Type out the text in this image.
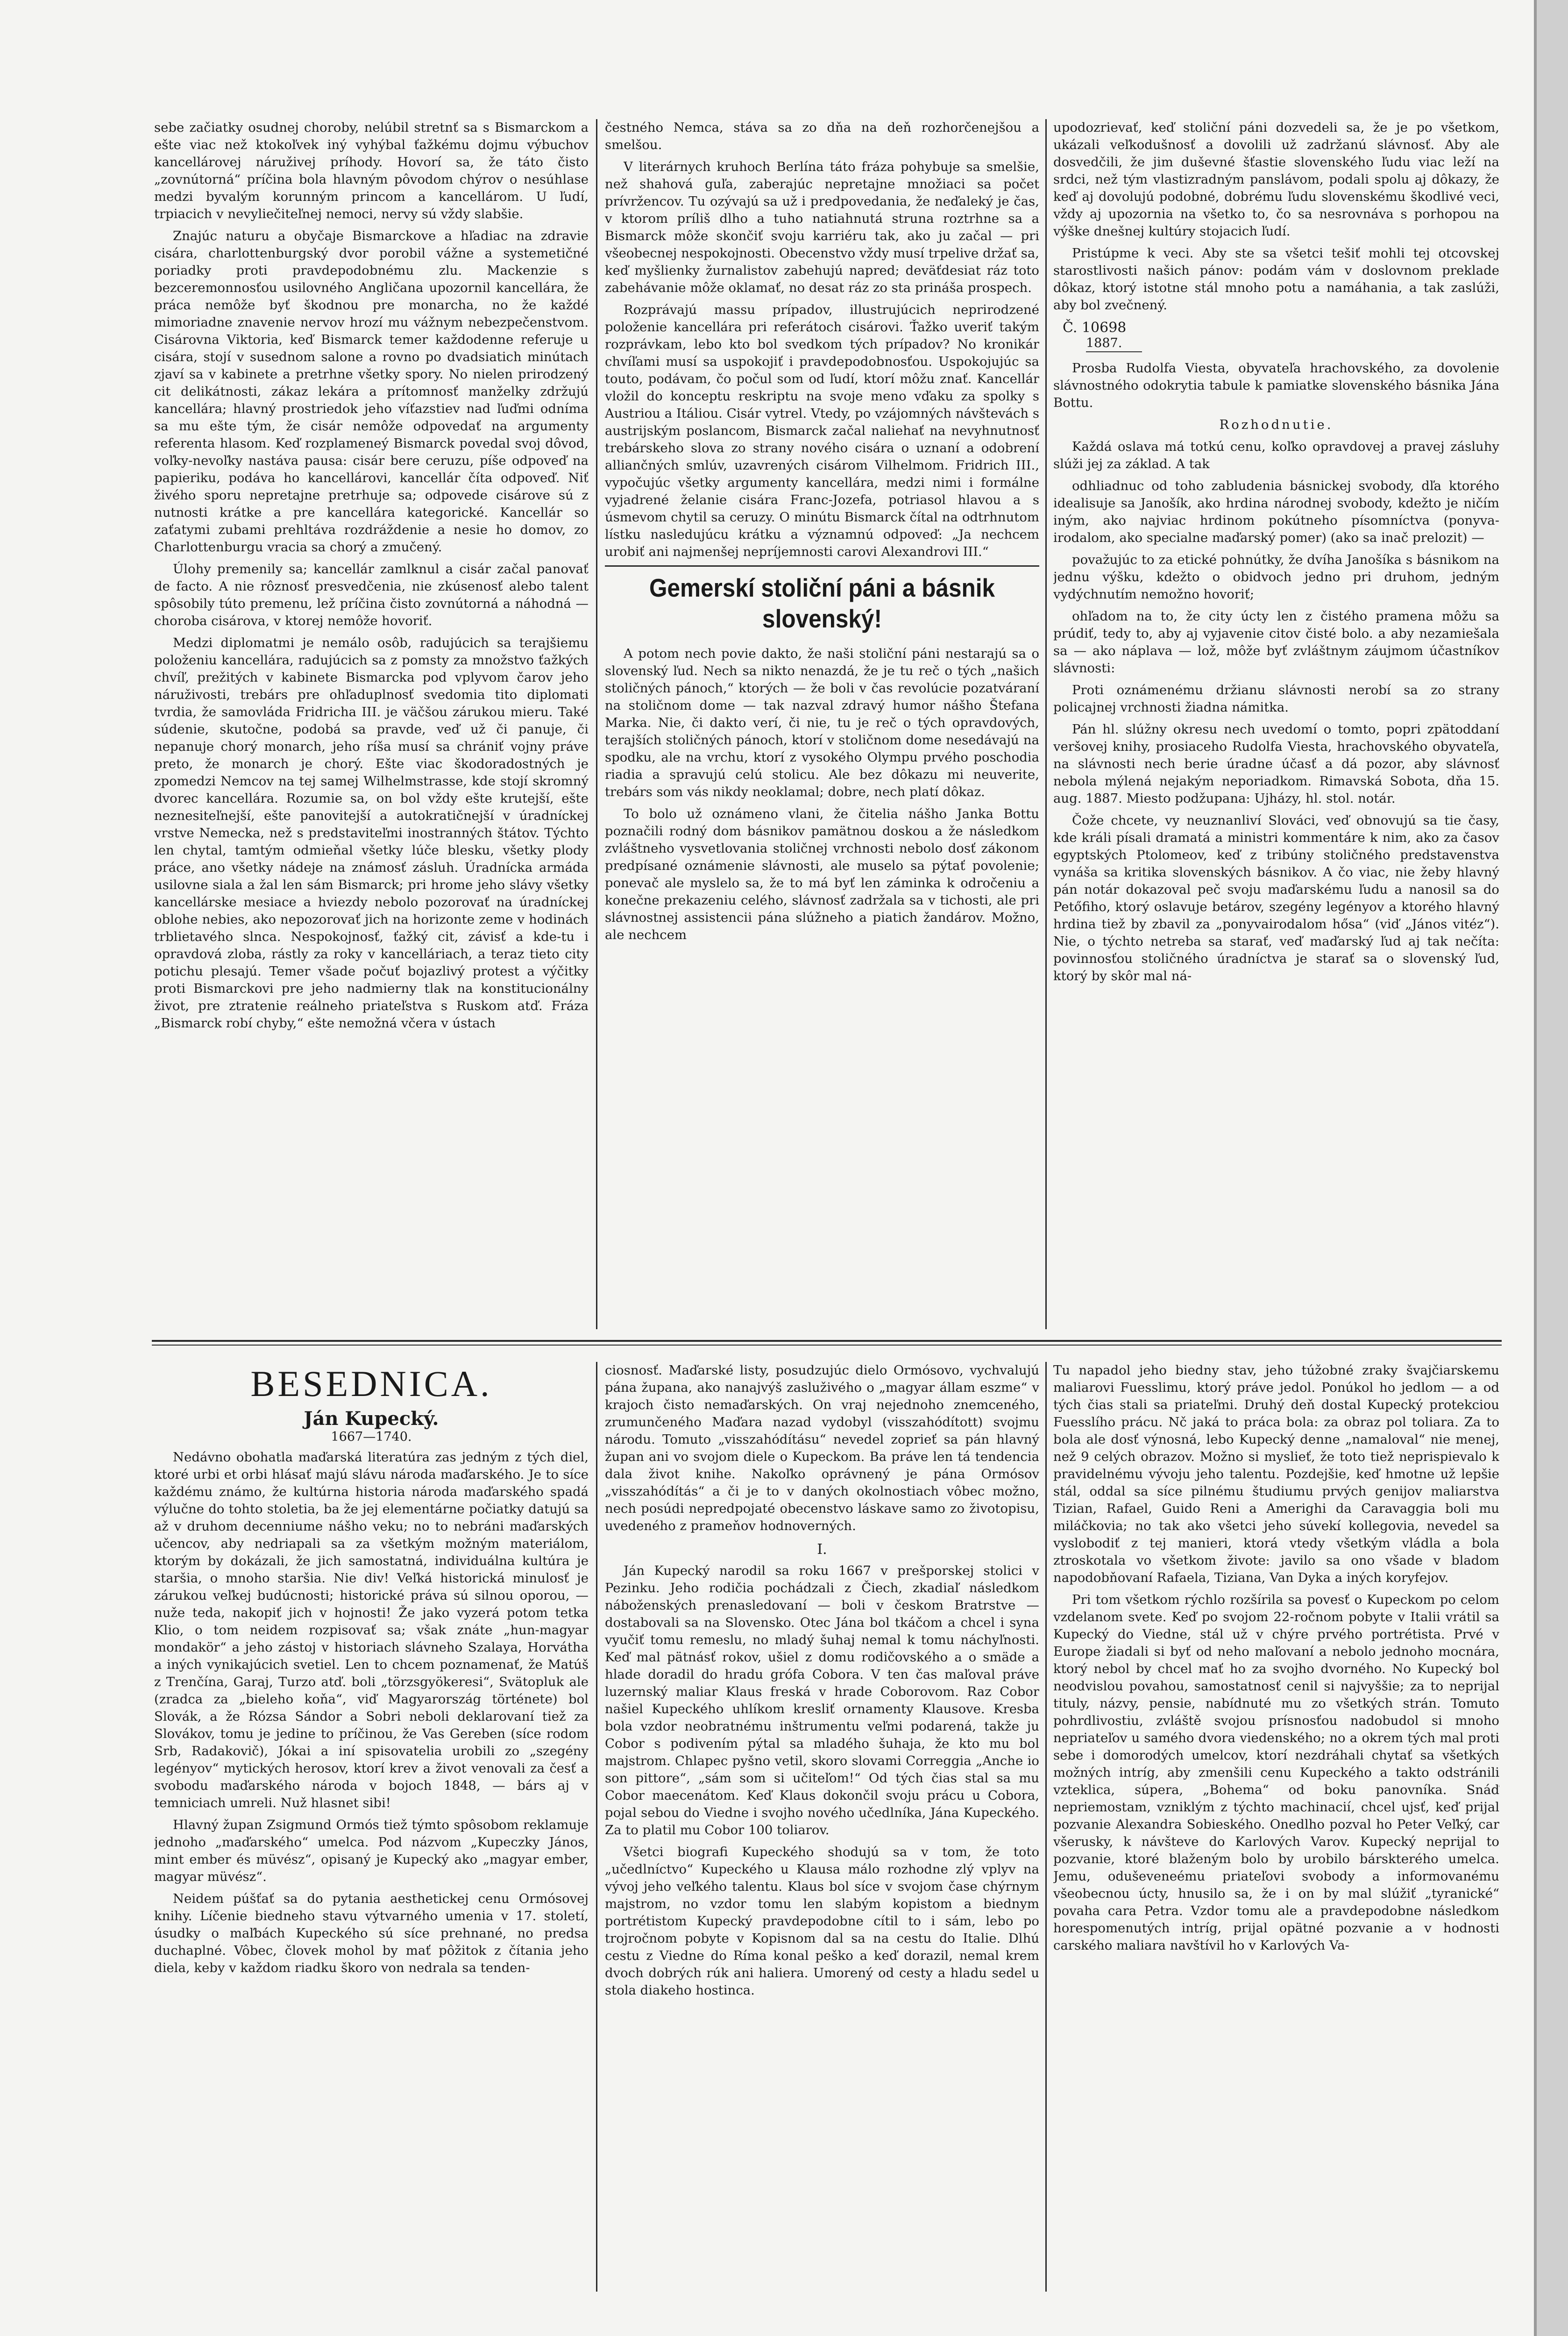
sebe začiatky osudnej choroby, nelúbil stretnť sa s Bismarckom a ešte viac než ktokoľvek iný vyhýbal ťažkému dojmu výbuchov kancellárovej náruživej príhody. Hovorí sa, že táto čisto „zovnútorná“ príčina bola hlavným pôvodom chýrov o nesúhlase medzi byvalým korunným princom a kancellárom. U ľudí, trpiacich v nevyliečiteľnej nemoci, nervy sú vždy slabšie.

Znajúc naturu a obyčaje Bismarckove a hľadiac na zdravie cisára, charlottenburgský dvor porobil vážne a systemetičné poriadky proti pravdepodobnému zlu. Mackenzie s bezceremonnosťou usilovného Angličana upozornil kancellára, že práca nemôže byť škodnou pre monarcha, no že každé mimoriadne znavenie nervov hrozí mu vážnym nebezpečenstvom. Cisárovna Viktoria, keď Bismarck temer každodenne referuje u cisára, stojí v susednom salone a rovno po dvadsiatich minútach zjaví sa v kabinete a pretrhne všetky spory. No nielen prirodzený cit delikátnosti, zákaz lekára a prítomnosť manželky zdržujú kancellára; hlavný prostriedok jeho víťazstiev nad ľuďmi odníma sa mu ešte tým, že cisár nemôže odpovedať na argumenty referenta hlasom. Keď rozplameneý Bismarck povedal svoj dôvod, voľky-nevoľky nastáva pausa: cisár bere ceruzu, píše odpoveď na papieriku, podáva ho kancellárovi, kancellár číta odpoveď. Niť živého sporu nepretajne pretrhuje sa; odpovede cisárove sú z nutnosti krátke a pre kancellára kategorické. Kancellár so zaťatymi zubami prehltáva rozdráždenie a nesie ho domov, zo Charlottenburgu vracia sa chorý a zmučený.

Úlohy premenily sa; kancellár zamlknul a cisár začal panovať de facto. A nie rôznosť presvedčenia, nie zkúsenosť alebo talent spôsobily túto premenu, lež príčina čisto zovnútorná a náhodná — choroba cisárova, v ktorej nemôže hovoriť.

Medzi diplomatmi je nemálo osôb, radujúcich sa terajšiemu položeniu kancellára, radujúcich sa z pomsty za množstvo ťažkých chvíľ, prežitých v kabinete Bismarcka pod vplyvom čarov jeho náruživosti, trebárs pre ohľaduplnosť svedomia tito diplomati tvrdia, že samovláda Fridricha III. je väčšou zárukou mieru. Také súdenie, skutočne, podobá sa pravde, veď už či panuje, či nepanuje chorý monarch, jeho ríša musí sa chrániť vojny práve preto, že monarch je chorý. Ešte viac škodoradostných je zpomedzi Nemcov na tej samej Wilhelmstrasse, kde stojí skromný dvorec kancellára. Rozumie sa, on bol vždy ešte krutejší, ešte neznesiteľnejší, ešte panovitejší a autokratičnejší v úradníckej vrstve Nemecka, než s predstaviteľmi inostranných štátov. Týchto len chytal, tamtým odmieňal všetky lúče blesku, všetky plody práce, ano všetky nádeje na známosť zásluh. Úradnícka armáda usilovne siala a žal len sám Bismarck; pri hrome jeho slávy všetky kancellárske mesiace a hviezdy nebolo pozorovať na úradníckej oblohe nebies, ako nepozorovať jich na horizonte zeme v hodinách trblietavého slnca. Nespokojnosť, ťažký cit, závisť a kde-tu i opravdová zloba, rástly za roky v kancelláriach, a teraz tieto city potichu plesajú. Temer všade počuť bojazlivý protest a výčitky proti Bismarckovi pre jeho nadmierny tlak na konstitucionálny život, pre ztratenie reálneho priateľstva s Ruskom atď. Fráza „Bismarck robí chyby,“ ešte nemožná včera v ústach

čestného Nemca, stáva sa zo dňa na deň rozhorčenejšou a smelšou.

V literárnych kruhoch Berlína táto fráza pohybuje sa smelšie, než shahová guľa, zaberajúc nepretajne množiaci sa počet prívržencov. Tu ozývajú sa už i predpovedania, že neďaleký je čas, v ktorom príliš dlho a tuho natiahnutá struna roztrhne sa a Bismarck môže skončiť svoju karriéru tak, ako ju začal — pri všeobecnej nespokojnosti. Obecenstvo vždy musí trpelive držať sa, keď myšlienky žurnalistov zabehujú napred; deväťdesiat ráz toto zabehávanie môže oklamať, no desat ráz zo sta prináša prospech.

Rozprávajú massu prípadov, illustrujúcich neprirodzené položenie kancellára pri referátoch cisárovi. Ťažko uveriť takým rozprávkam, lebo kto bol svedkom tých prípadov? No kronikár chvíľami musí sa uspokojiť i pravdepodobnosťou. Uspokojujúc sa touto, podávam, čo počul som od ľudí, ktorí môžu znať. Kancellár vložil do konceptu reskriptu na svoje meno vďaku za spolky s Austriou a Itáliou. Cisár vytrel. Vtedy, po vzájomných návštevách s austrijským poslancom, Bismarck začal naliehať na nevyhnutnosť trebárskeho slova zo strany nového cisára o uznaní a odobrení alliančných smlúv, uzavrených cisárom Vilhelmom. Fridrich III., vypočujúc všetky argumenty kancellára, medzi nimi i formálne vyjadrené želanie cisára Franc-Jozefa, potriasol hlavou a s úsmevom chytil sa ceruzy. O minútu Bismarck čítal na odtrhnutom lístku nasledujúcu krátku a významnú odpoveď: „Ja nechcem urobiť ani najmenšej nepríjemnosti carovi Alexandrovi III.“

Gemerskí stoliční páni a básnik slovenský!

A potom nech povie dakto, že naši stoliční páni nestarajú sa o slovenský ľud. Nech sa nikto nenazdá, že je tu reč o tých „našich stoličných pánoch,“ ktorých — že boli v čas revolúcie pozatváraní na stoličnom dome — tak nazval zdravý humor nášho Štefana Marka. Nie, či dakto verí, či nie, tu je reč o tých opravdových, terajších stoličných pánoch, ktorí v stoličnom dome nesedávajú na spodku, ale na vrchu, ktorí z vysokého Olympu prvého poschodia riadia a spravujú celú stolicu. Ale bez dôkazu mi neuverite, trebárs som vás nikdy neoklamal; dobre, nech platí dôkaz.

To bolo už oznámeno vlani, že čitelia nášho Janka Bottu poznačili rodný dom básnikov pamätnou doskou a že následkom zvláštneho vysvetlovania stoličnej vrchnosti nebolo dosť zákonom predpísané oznámenie slávnosti, ale muselo sa pýtať povolenie; ponevač ale myslelo sa, že to má byť len záminka k odročeniu a konečne prekazeniu celého, slávnosť zadržala sa v tichosti, ale pri slávnostnej assistencii pána slúžneho a piatich žandárov. Možno, ale nechcem

upodozrievať, keď stoliční páni dozvedeli sa, že je po všetkom, ukázali veľkodušnosť a dovolili už zadržanú slávnosť. Aby ale dosvedčili, že jim duševné šťastie slovenského ľudu viac leží na srdci, než tým vlastizradným panslávom, podali spolu aj dôkazy, že keď aj dovolujú podobné, dobrému ľudu slovenskému škodlivé veci, vždy aj upozornia na všetko to, čo sa nesrovnáva s porhopou na výške dnešnej kultúry stojacich ľudí.

Pristúpme k veci. Aby ste sa všetci tešiť mohli tej otcovskej starostlivosti našich pánov: podám vám v doslovnom preklade dôkaz, ktorý istotne stál mnoho potu a namáhania, a tak zaslúži, aby bol zvečnený.

Č. 10698
1887.

Prosba Rudolfa Viesta, obyvateľa hrachovského, za dovolenie slávnostného odokrytia tabule k pamiatke slovenského básnika Jána Bottu.

Rozhodnutie.

Každá oslava má totkú cenu, koľko opravdovej a pravej zásluhy slúži jej za základ. A tak

odhliadnuc od toho zabludenia básnickej svobody, dľa ktorého idealisuje sa Janošík, ako hrdina národnej svobody, kdežto je ničím iným, ako najviac hrdinom pokútneho písomníctva (ponyva-irodalom, ako specialne maďarský pomer) (ako sa inač prelozit) —

považujúc to za etické pohnútky, že dvíha Janošíka s básnikom na jednu výšku, kdežto o obidvoch jedno pri druhom, jedným vydýchnutím nemožno hovoriť;

ohľadom na to, že city úcty len z čistého pramena môžu sa prúdiť, tedy to, aby aj vyjavenie citov čisté bolo. a aby nezamiešala sa — ako náplava — lož, môže byť zvláštnym záujmom účastníkov slávnosti:

Proti oznámenému držianu slávnosti nerobí sa zo strany policajnej vrchnosti žiadna námitka.

Pán hl. slúžny okresu nech uvedomí o tomto, popri zpätoddaní veršovej knihy, prosiaceho Rudolfa Viesta, hrachovského obyvateľa, na slávnosti nech berie úradne účasť a dá pozor, aby slávnosť nebola mýlená nejakým neporiadkom. Rimavská Sobota, dňa 15. aug. 1887. Miesto podžupana: Ujházy, hl. stol. notár.

Čože chcete, vy neuznanliví Slováci, veď obnovujú sa tie časy, kde králi písali dramatá a ministri kommentáre k nim, ako za časov egyptských Ptolomeov, keď z tribúny stoličného predstavenstva vynáša sa kritika slovenských básnikov. A čo viac, nie žeby hlavný pán notár dokazoval peč svoju maďarskému ľudu a nanosil sa do Petőfiho, ktorý oslavuje betárov, szegény legényov a ktorého hlavný hrdina tiež by zbavil za „ponyvairodalom hősa“ (viď „János vitéz“). Nie, o týchto netreba sa starať, veď maďarský ľud aj tak nečíta: povinnosťou stoličného úradníctva je starať sa o slovenský ľud, ktorý by skôr mal ná-

BESEDNICA.
Ján Kupecký.
1667—1740.

Nedávno obohatla maďarská literatúra zas jedným z tých diel, ktoré urbi et orbi hlásať majú slávu národa maďarského. Je to síce každému známo, že kultúrna historia národa maďarského spadá výlučne do tohto stoletia, ba že jej elementárne počiatky datujú sa až v druhom decenniume nášho veku; no to nebráni maďarských učencov, aby nedriapali sa za všetkým možným materiálom, ktorým by dokázali, že jich samostatná, individuálna kultúra je staršia, o mnoho staršia. Nie div! Veľká historická minulosť je zárukou veľkej budúcnosti; historické práva sú silnou oporou, — nuže teda, nakopiť jich v hojnosti! Že jako vyzerá potom tetka Klio, o tom neidem rozpisovať sa; však znáte „hun-magyar mondakör“ a jeho zástoj v historiach slávneho Szalaya, Horvátha a iných vynikajúcich svetiel. Len to chcem poznamenať, že Matúš z Trenčína, Garaj, Turzo atď. boli „törzsgyökeresi“, Svätopluk ale (zradca za „bieleho koňa“, viď Magyarország története) bol Slovák, a že Rózsa Sándor a Sobri neboli deklarovaní tiež za Slovákov, tomu je jedine to príčinou, že Vas Gereben (síce rodom Srb, Radakovič), Jókai a iní spisovatelia urobili zo „szegény legényov“ mytických herosov, ktorí krev a život venovali za česť a svobodu maďarského národa v bojoch 1848, — bárs aj v temniciach umreli. Nuž hlasnet sibi!

Hlavný župan Zsigmund Ormós tiež týmto spôsobom reklamuje jednoho „maďarského“ umelca. Pod názvom „Kupeczky János, mint ember és müvész“, opisaný je Kupecký ako „magyar ember, magyar müvész“.

Neidem púšťať sa do pytania aesthetickej cenu Ormósovej knihy. Líčenie biedneho stavu výtvarného umenia v 17. století, úsudky o maľbách Kupeckého sú síce prehnané, no predsa duchaplné. Vôbec, človek mohol by mať pôžitok z čítania jeho diela, keby v každom riadku škoro von nedrala sa tenden-

ciosnosť. Maďarské listy, posudzujúc dielo Ormósovo, vychvalujú pána župana, ako nanajvýš zasluživého o „magyar állam eszme“ v krajoch čisto nemaďarských. On vraj nejednoho znemceného, zrumunčeného Maďara nazad vydobyl (visszahódított) svojmu národu. Tomuto „visszahódításu“ nevedel zoprieť sa pán hlavný župan ani vo svojom diele o Kupeckom. Ba práve len tá tendencia dala život knihe. Nakoľko oprávnený je pána Ormósov „visszahódítás“ a či je to v daných okolnostiach vôbec možno, nech posúdi nepredpojaté obecenstvo láskave samo zo životopisu, uvedeného z prameňov hodnoverných.

I.

Ján Kupecký narodil sa roku 1667 v prešporskej stolici v Pezinku. Jeho rodičia pochádzali z Čiech, zkadiaľ následkom náboženských prenasledovaní — boli v českom Bratrstve — dostabovali sa na Slovensko. Otec Jána bol tkáčom a chcel i syna vyučiť tomu remeslu, no mladý šuhaj nemal k tomu náchyľnosti. Keď mal pätnásť rokov, ušiel z domu rodičovského a o smäde a hlade doradil do hradu grófa Cobora. V ten čas maľoval práve luzernský maliar Klaus freská v hrade Coborovom. Raz Cobor našiel Kupeckého uhlíkom kresliť ornamenty Klausove. Kresba bola vzdor neobratnému inštrumentu veľmi podarená, takže ju Cobor s podivením pýtal sa mladého šuhaja, že kto mu bol majstrom. Chlapec pyšno vetil, skoro slovami Correggia „Anche io son pittore“, „sám som si učiteľom!“ Od tých čias stal sa mu Cobor maecenátom. Keď Klaus dokončil svoju prácu u Cobora, pojal sebou do Viedne i svojho nového učedlníka, Jána Kupeckého. Za to platil mu Cobor 100 toliarov.

Všetci biografi Kupeckého shodujú sa v tom, že toto „učedlníctvo“ Kupeckého u Klausa málo rozhodne zlý vplyv na vývoj jeho veľkého talentu. Klaus bol síce v svojom čase chýrnym majstrom, no vzdor tomu len slabým kopistom a biednym portrétistom Kupecký pravdepodobne cítil to i sám, lebo po trojročnom pobyte v Kopisnom dal sa na cestu do Italie. Dlhú cestu z Viedne do Ríma konal peško a keď dorazil, nemal krem dvoch dobrých rúk ani haliera. Umorený od cesty a hladu sedel u stola diakeho hostinca.

Tu napadol jeho biedny stav, jeho túžobné zraky švajčiarskemu maliarovi Fuesslimu, ktorý práve jedol. Ponúkol ho jedlom — a od tých čias stali sa priateľmi. Druhý deň dostal Kupecký protekciou Fuesslího prácu. Nč jaká to práca bola: za obraz pol toliara. Za to bola ale dosť výnosná, lebo Kupecký denne „namaloval“ nie menej, než 9 celých obrazov. Možno si myslieť, že toto tiež neprispievalo k pravidelnému vývoju jeho talentu. Pozdejšie, keď hmotne už lepšie stál, oddal sa síce pilnému študiumu prvých genijov maliarstva Tizian, Rafael, Guido Reni a Amerighi da Caravaggia boli mu miláčkovia; no tak ako všetci jeho súvekí kollegovia, nevedel sa vyslobodiť z tej manieri, ktorá vtedy všetkým vládla a bola ztroskotala vo všetkom živote: javilo sa ono všade v bladom napodobňovaní Rafaela, Tiziana, Van Dyka a iných koryfejov.

Pri tom všetkom rýchlo rozšírila sa povesť o Kupeckom po celom vzdelanom svete. Keď po svojom 22-ročnom pobyte v Italii vrátil sa Kupecký do Viedne, stál už v chýre prvého portrétista. Prvé v Europe žiadali si byť od neho maľovaní a nebolo jednoho mocnára, ktorý nebol by chcel mať ho za svojho dvorného. No Kupecký bol neodvislou povahou, samostatnosť cenil si najvyššie; za to neprijal tituly, názvy, pensie, nabídnuté mu zo všetkých strán. Tomuto pohrdlivostiu, zvláště svojou prísnosťou nadobudol si mnoho nepriateľov u samého dvora viedenského; no a okrem tých mal proti sebe i domorodých umelcov, ktorí nezdráhali chytať sa všetkých možných intríg, aby zmenšili cenu Kupeckého a takto odstránili vzteklica, súpera, „Bohema“ od boku panovníka. Snáď nepriemostam, vzniklým z týchto machinacií, chcel ujsť, keď prijal pozvanie Alexandra Sobieského. Onedlho pozval ho Peter Veľký, car všerusky, k návšteve do Karlových Varov. Kupecký neprijal to pozvanie, ktoré blaženým bolo by urobilo bárskterého umelca. Jemu, oduševeneému priateľovi svobody a informovanému všeobecnou úcty, hnusilo sa, že i on by mal slúžiť „tyranické“ povaha cara Petra. Vzdor tomu ale a pravdepodobne následkom horespomenutých intríg, prijal opätné pozvanie a v hodnosti carského maliara navštívil ho v Karlových Va-
